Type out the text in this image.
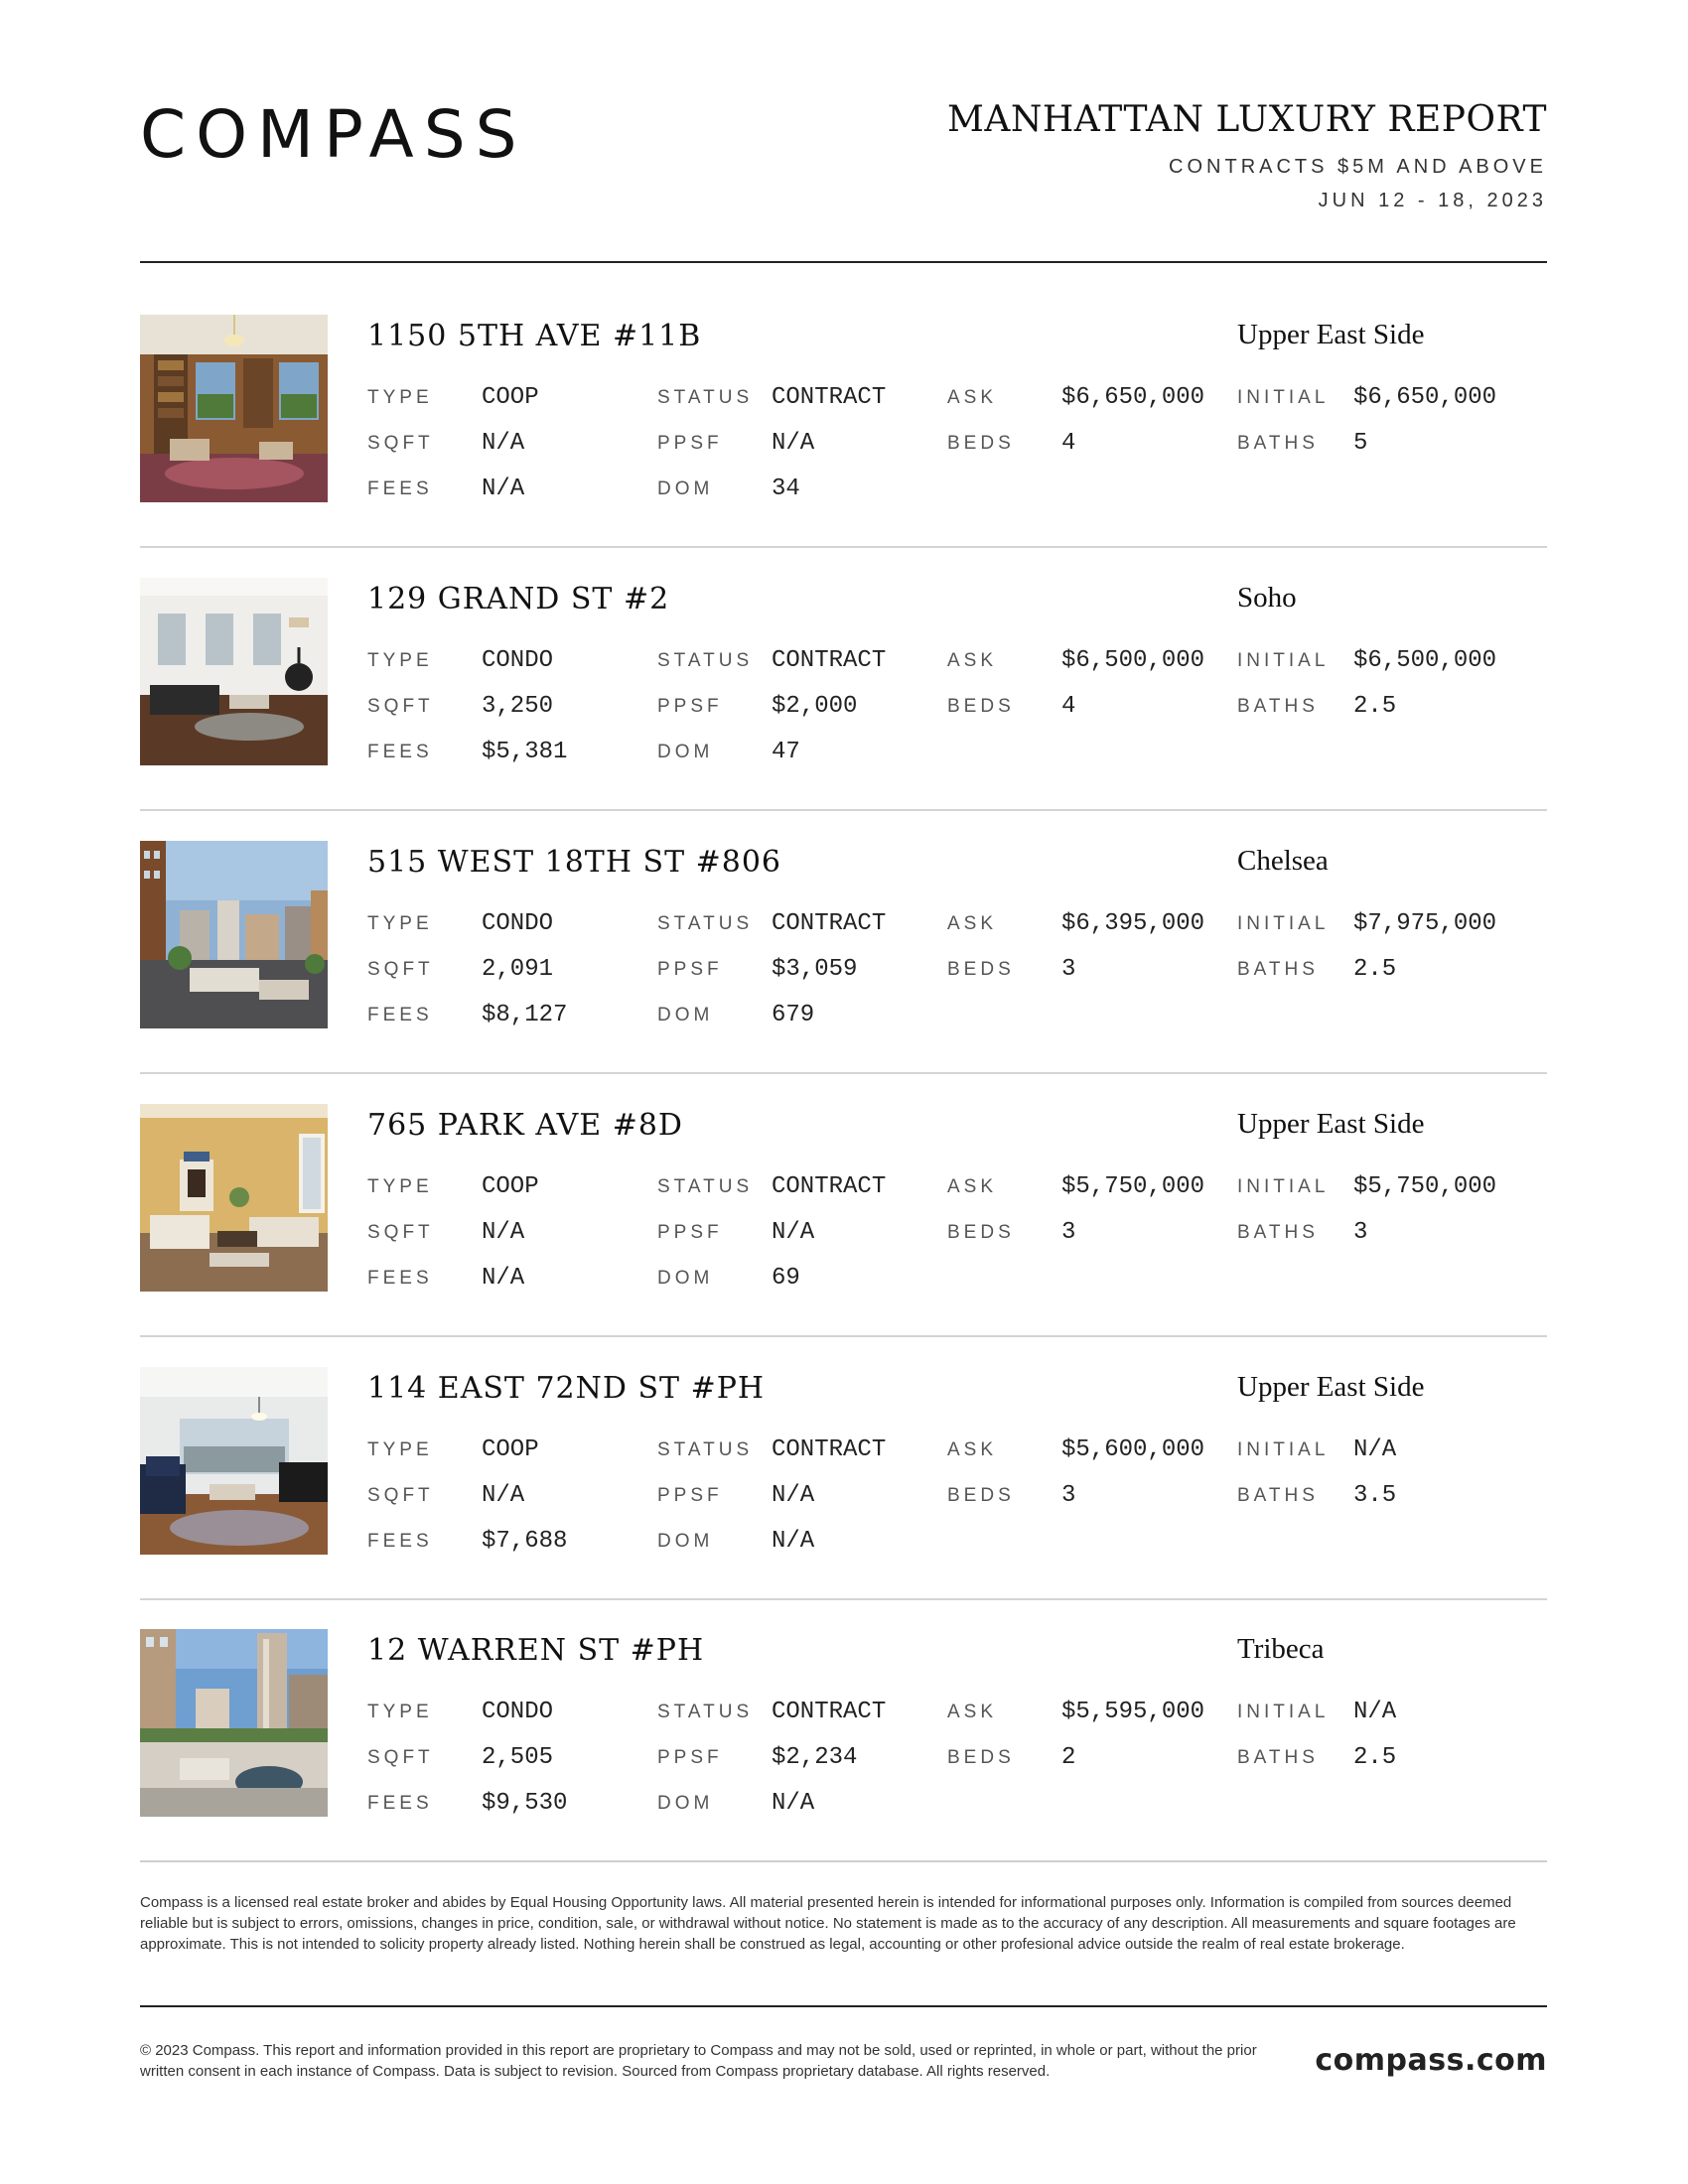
COMPASS	MANHATTAN LUXURY REPORT
CONTRACTS $5M AND ABOVE
JUN 12 - 18, 2023
1150 5TH AVE #11B	Upper East Side
TYPE COOP	STATUS CONTRACT	ASK	$6,650,000 INITIAL $6,650,000
SQFT N/A	PPSF N/A	BEDS 4	BATHS 5
FEES N/A	DOM 34
129 GRAND ST #2	Soho
TYPE CONDO	STATUS CONTRACT	ASK	$6,500,000 INITIAL $6,500,000
SQFT 3,250	PPSF $2,000	BEDS 4	BATHS 2.5
FEES $5,381	DOM 47
515 WEST 18TH ST #806	Chelsea
TYPE CONDO	STATUS CONTRACT	ASK	$6,395,000 INITIAL $7,975,000
SQFT 2,091	PPSF $3,059	BEDS 3	BATHS 2.5
FEES $8,127	DOM 679
765 PARK AVE #8D	Upper East Side
TYPE COOP	STATUS CONTRACT	ASK	$5,750,000 INITIAL $5,750,000
SQFT N/A	PPSF N/A	BEDS 3	BATHS 3
FEES N/A	DOM 69
114 EAST 72ND ST #PH	Upper East Side
TYPE COOP	STATUS CONTRACT	ASK	$5,600,000 INITIAL N/A
SQFT N/A	PPSF N/A	BEDS 3	BATHS 3.5
FEES $7,688	DOM N/A
12 WARREN ST #PH	Tribeca
TYPE CONDO	STATUS CONTRACT	ASK	$5,595,000 INITIAL N/A
SQFT 2,505	PPSF $2,234	BEDS 2	BATHS 2.5
FEES $9,530	DOM N/A
Compass is a licensed real estate broker and abides by Equal Housing Opportunity laws. All material presented herein is intended for informational purposes only. Information is compiled from sources deemed reliable but is subject to errors, omissions, changes in price, condition, sale, or withdrawal without notice. No statement is made as to the accuracy of any description. All measurements and square footages are approximate. This is not intended to solicity property already listed. Nothing herein shall be construed as legal, accounting or other profesional advice outside the realm of real estate brokerage.
© 2023 Compass. This report and information provided in this report are proprietary to Compass and may not be sold, used or reprinted, in whole or part, without the prior written consent in each instance of Compass. Data is subject to revision. Sourced from Compass proprietary database. All rights reserved.	compass.com
